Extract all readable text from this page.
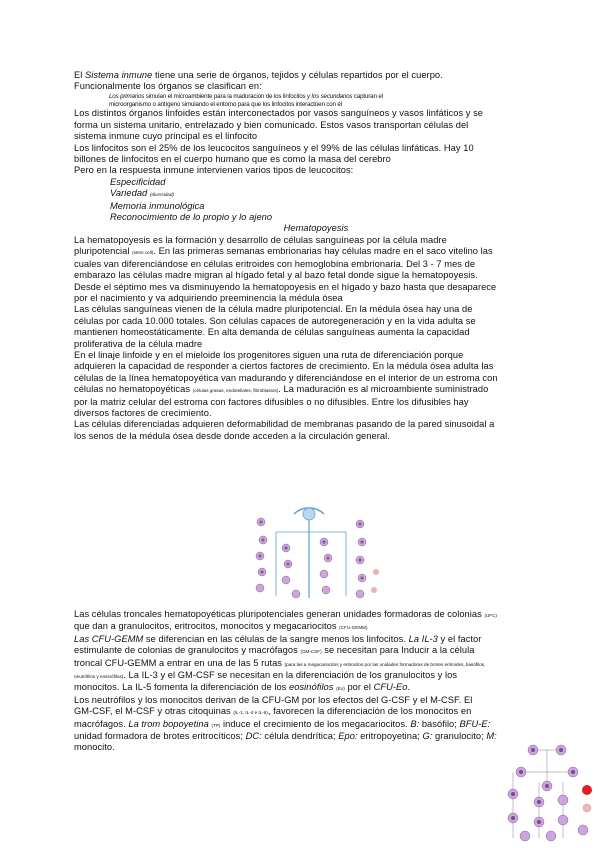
El Sistema inmune tiene una serie de órganos, tejidos y células repartidos por el cuerpo.
Funcionalmente los órganos se clasifican en:
Los primarios simulan el microambiente para la maduración de los linfocitos y los secundarios capturan el
microorganismo o antígeno simulando el entorno para que los linfocitos interactúen con él
Los distintos órganos linfoides están interconectados por vasos sanguíneos y vasos linfáticos y se
forma un sistema unitario, entrelazado y bien comunicado. Estos vasos transportan células del
sistema inmune cuyo principal es el linfocito
Los linfocitos son el 25% de los leucocitos sanguíneos y el 99% de las células linfáticas. Hay 10
billones de linfocitos en el cuerpo humano que es como la masa del cerebro
Pero en la respuesta inmune intervienen varios tipos de leucocitos:
Especificidad
Variedad (diversidad)
Memoria inmunológica
Reconocimiento de lo propio y lo ajeno
Hematopoyesis
La hematopoyesis es la formación y desarrollo de células sanguíneas por la célula madre
pluripotencial (stem cell). En las primeras semanas embrionarias hay células madre en el saco vitelino las
cuales van diferenciándose en células eritroides con hemoglobina embrionaria. Del 3 - 7 mes de
embarazo las células madre migran al hígado fetal y al bazo fetal donde sigue la hematopoyesis.
Desde el séptimo mes va disminuyendo la hematopoyesis en el hígado y bazo hasta que desaparece
por el nacimiento y va adquiriendo preeminencia la médula ósea
Las células sanguíneas vienen de la célula madre pluripotencial. En la médula ósea hay una de
células por cada 10.000 totales. Son células capaces de autoregeneración y en la vida adulta se
mantienen homeostáticamente. En alta demanda de células sanguíneas aumenta la capacidad
proliferativa de la célula madre
En el linaje linfoide y en el mieloide los progenitores siguen una ruta de diferenciación porque
adquieren la capacidad de responder a ciertos factores de crecimiento. En la médula ósea adulta las
células de la línea hematopoyética van madurando y diferenciándose en el interior de un estroma con
células no hematopoyéticas (células grasas, endoteliales, fibroblastos). La maduración es al microambiente suministrado
por la matriz celular del estroma con factores difusibles o no difusibles. Entre los difusibles hay
diversos factores de crecimiento.
Las células diferenciadas adquieren deformabilidad de membranas pasando de la pared sinusoidal a
los senos de la médula ósea desde donde acceden a la circulación general.
Las células troncales hematopoyéticas pluripotenciales generan unidades formadoras de colonias (UFC)
que dan a granulocitos, eritrocitos, monocitos y megacariocitos (CFU-GEMM)
Las CFU-GEMM se diferencian en las células de la sangre menos los linfocitos. La IL-3 y el factor
estimulante de colonias de granulocitos y macrófagos (GM-CSF) se necesitan para Inducir a la célula
troncal CFU-GEMM a entrar en una de las 5 rutas (para las a megacariocitos y eritrocitos por las unidades formadoras de brotes eritroides, basófilos,
neutrófilos y eosinófilos). La IL-3 y el GM-CSF se necesitan en la diferenciación de los granulocitos y los
monocitos. La IL-5 fomenta la diferenciación de los eosinófilos (Eo) por el CFU-Eo.
Los neutrófilos y los monocitos derivan de la CFU-GM por los efectos del G-CSF y el M-CSF. El
GM-CSF, el M-CSF y otras citoquinas (IL-1, IL-4 e IL-6), favorecen la diferenciación de los monocitos en
macrófagos. La trom bopoyetina (TP) induce el crecimiento de los megacariocitos. B: basófilo; BFU-E:
unidad formadora de brotes eritrocíticos; DC: célula dendrítica; Epo: eritropoyetina; G: granulocito; M:
monocito.
